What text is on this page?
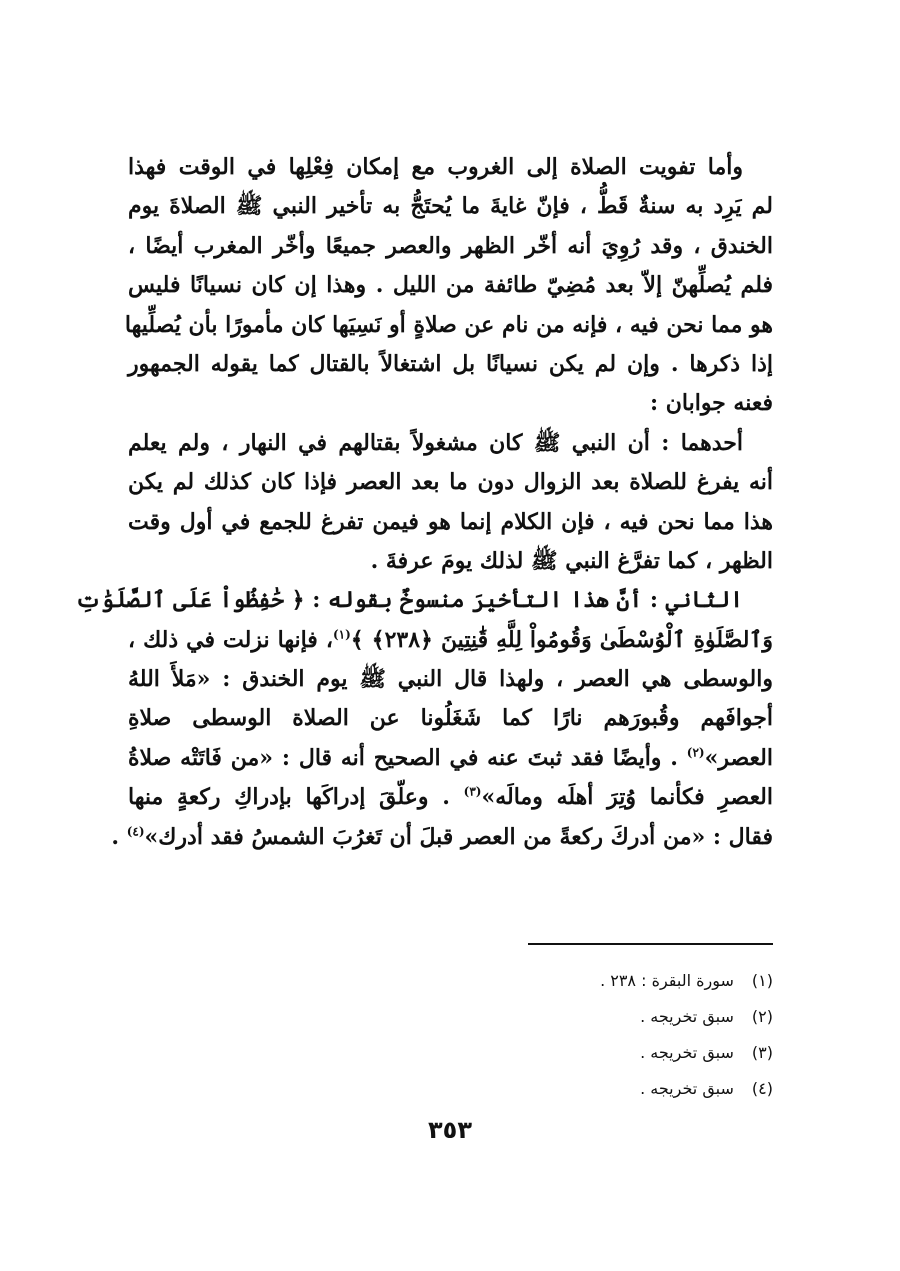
وأما تفويت الصلاة إلى الغروب مع إمكان فِعْلِها في الوقت فهذا
لم يَرِد به سنةٌ قَطُّ ، فإنّ غايةَ ما يُحتَجُّ به تأخير النبي ﷺ الصلاةَ يوم
الخندق ، وقد رُوِيَ أنه أخّر الظهر والعصر جميعًا وأخّر المغرب أيضًا ،
فلم يُصلِّهنّ إلاّ بعد مُضِيّ طائفة من الليل . وهذا إن كان نسيانًا فليس
هو مما نحن فيه ، فإنه من نام عن صلاةٍ أو نَسِيَها كان مأمورًا بأن يُصلِّيها
إذا ذكرها . وإن لم يكن نسيانًا بل اشتغالاً بالقتال كما يقوله الجمهور
فعنه جوابان :
أحدهما : أن النبي ﷺ كان مشغولاً بقتالهم في النهار ، ولم يعلم
أنه يفرغ للصلاة بعد الزوال دون ما بعد العصر فإذا كان كذلك لم يكن
هذا مما نحن فيه ، فإن الكلام إنما هو فيمن تفرغ للجمع في أول وقت
الظهر ، كما تفرَّغ النبي ﷺ لذلك يومَ عرفةَ .
الثاني : أنَّ هذا التأخيرَ منسوخٌ بقوله : ﴿ حَٰفِظُواْ عَلَى ٱلصَّلَوَٰتِ
وَٱلصَّلَوٰةِ ٱلْوُسْطَىٰ وَقُومُواْ لِلَّهِ قَٰنِتِينَ ﴿٢٣٨﴾ ﴾$^{(١)}$، فإنها نزلت في ذلك ،
والوسطى هي العصر ، ولهذا قال النبي ﷺ يوم الخندق : «مَلأَ اللهُ
أجوافَهم وقُبورَهم نارًا كما شَغَلُونا عن الصلاة الوسطى صلاةِ
العصر»$^{(٢)}$ . وأيضًا فقد ثبتَ عنه في الصحيح أنه قال : «من فَاتَتْه صلاةُ
العصرِ فكأنما وُتِرَ أهلَه ومالَه»$^{(٣)}$ . وعلّقَ إدراكَها بإدراكِ ركعةٍ منها
فقال : «من أدركَ ركعةً من العصر قبلَ أن تَغرُبَ الشمسُ فقد أدرك»$^{(٤)}$ .
(١)سورة البقرة : ٢٣٨ .
(٢)سبق تخريجه .
(٣)سبق تخريجه .
(٤)سبق تخريجه .
٣٥٣
